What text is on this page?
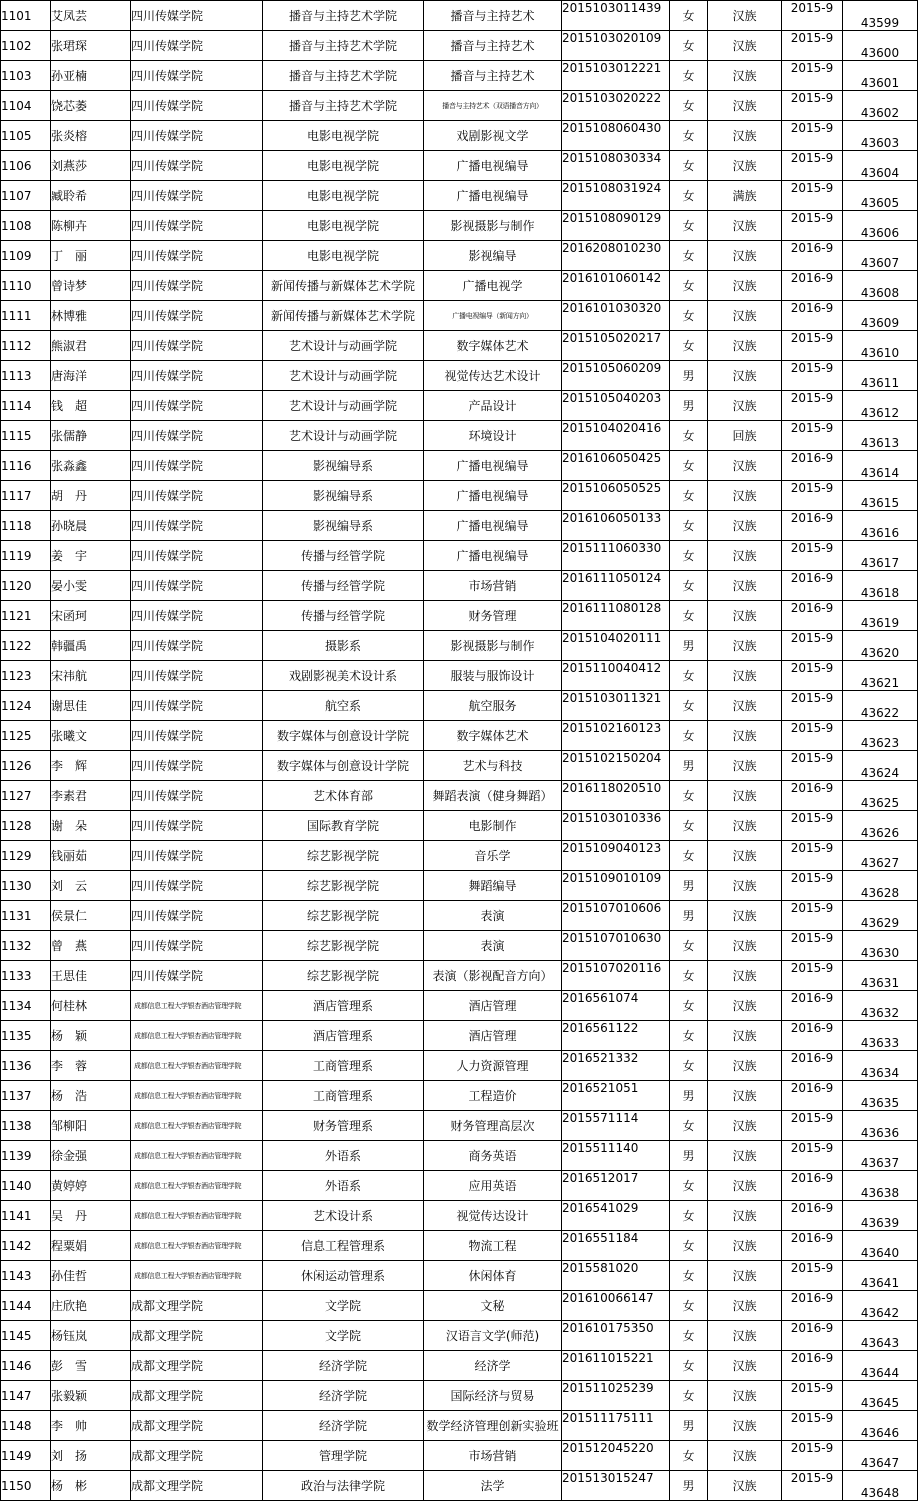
1101	艾凤芸	四川传媒学院	播音与主持艺术学院	播音与主持艺术	2015103011439	女	汉族	2015-9	43599
1102	张珺琛	四川传媒学院	播音与主持艺术学院	播音与主持艺术	2015103020109	女	汉族	2015-9	43600
1103	孙亚楠	四川传媒学院	播音与主持艺术学院	播音与主持艺术	2015103012221	女	汉族	2015-9	43601
1104	饶芯萎	四川传媒学院	播音与主持艺术学院	播音与主持艺术（双语播音方向）	2015103020222	女	汉族	2015-9	43602
1105	张炎榕	四川传媒学院	电影电视学院	戏剧影视文学	2015108060430	女	汉族	2015-9	43603
1106	刘燕莎	四川传媒学院	电影电视学院	广播电视编导	2015108030334	女	汉族	2015-9	43604
1107	臧聆希	四川传媒学院	电影电视学院	广播电视编导	2015108031924	女	满族	2015-9	43605
1108	陈柳卉	四川传媒学院	电影电视学院	影视摄影与制作	2015108090129	女	汉族	2015-9	43606
1109	丁　丽	四川传媒学院	电影电视学院	影视编导	2016208010230	女	汉族	2016-9	43607
1110	曾诗梦	四川传媒学院	新闻传播与新媒体艺术学院	广播电视学	2016101060142	女	汉族	2016-9	43608
1111	林博雅	四川传媒学院	新闻传播与新媒体艺术学院	广播电视编导（新闻方向）	2016101030320	女	汉族	2016-9	43609
1112	熊淑君	四川传媒学院	艺术设计与动画学院	数字媒体艺术	2015105020217	女	汉族	2015-9	43610
1113	唐海洋	四川传媒学院	艺术设计与动画学院	视觉传达艺术设计	2015105060209	男	汉族	2015-9	43611
1114	钱　超	四川传媒学院	艺术设计与动画学院	产品设计	2015105040203	男	汉族	2015-9	43612
1115	张儒静	四川传媒学院	艺术设计与动画学院	环境设计	2015104020416	女	回族	2015-9	43613
1116	张淼鑫	四川传媒学院	影视编导系	广播电视编导	2016106050425	女	汉族	2016-9	43614
1117	胡　丹	四川传媒学院	影视编导系	广播电视编导	2015106050525	女	汉族	2015-9	43615
1118	孙晓晨	四川传媒学院	影视编导系	广播电视编导	2016106050133	女	汉族	2016-9	43616
1119	姜　宇	四川传媒学院	传播与经管学院	广播电视编导	2015111060330	女	汉族	2015-9	43617
1120	晏小雯	四川传媒学院	传播与经管学院	市场营销	2016111050124	女	汉族	2016-9	43618
1121	宋函珂	四川传媒学院	传播与经管学院	财务管理	2016111080128	女	汉族	2016-9	43619
1122	韩疆禹	四川传媒学院	摄影系	影视摄影与制作	2015104020111	男	汉族	2015-9	43620
1123	宋祎航	四川传媒学院	戏剧影视美术设计系	服装与服饰设计	2015110040412	女	汉族	2015-9	43621
1124	谢思佳	四川传媒学院	航空系	航空服务	2015103011321	女	汉族	2015-9	43622
1125	张曦文	四川传媒学院	数字媒体与创意设计学院	数字媒体艺术	2015102160123	女	汉族	2015-9	43623
1126	李　辉	四川传媒学院	数字媒体与创意设计学院	艺术与科技	2015102150204	男	汉族	2015-9	43624
1127	李素君	四川传媒学院	艺术体育部	舞蹈表演（健身舞蹈）	2016118020510	女	汉族	2016-9	43625
1128	谢　朵	四川传媒学院	国际教育学院	电影制作	2015103010336	女	汉族	2015-9	43626
1129	钱丽茹	四川传媒学院	综艺影视学院	音乐学	2015109040123	女	汉族	2015-9	43627
1130	刘　云	四川传媒学院	综艺影视学院	舞蹈编导	2015109010109	男	汉族	2015-9	43628
1131	侯景仁	四川传媒学院	综艺影视学院	表演	2015107010606	男	汉族	2015-9	43629
1132	曾　燕	四川传媒学院	综艺影视学院	表演	2015107010630	女	汉族	2015-9	43630
1133	王思佳	四川传媒学院	综艺影视学院	表演（影视配音方向）	2015107020116	女	汉族	2015-9	43631
1134	何桂林	成都信息工程大学银杏酒店管理学院	酒店管理系	酒店管理	2016561074	女	汉族	2016-9	43632
1135	杨　颖	成都信息工程大学银杏酒店管理学院	酒店管理系	酒店管理	2016561122	女	汉族	2016-9	43633
1136	李　蓉	成都信息工程大学银杏酒店管理学院	工商管理系	人力资源管理	2016521332	女	汉族	2016-9	43634
1137	杨　浩	成都信息工程大学银杏酒店管理学院	工商管理系	工程造价	2016521051	男	汉族	2016-9	43635
1138	邹柳阳	成都信息工程大学银杏酒店管理学院	财务管理系	财务管理高层次	2015571114	女	汉族	2015-9	43636
1139	徐金强	成都信息工程大学银杏酒店管理学院	外语系	商务英语	2015511140	男	汉族	2015-9	43637
1140	黄婷婷	成都信息工程大学银杏酒店管理学院	外语系	应用英语	2016512017	女	汉族	2016-9	43638
1141	吴　丹	成都信息工程大学银杏酒店管理学院	艺术设计系	视觉传达设计	2016541029	女	汉族	2016-9	43639
1142	程粟娟	成都信息工程大学银杏酒店管理学院	信息工程管理系	物流工程	2016551184	女	汉族	2016-9	43640
1143	孙佳哲	成都信息工程大学银杏酒店管理学院	休闲运动管理系	休闲体育	2015581020	女	汉族	2015-9	43641
1144	庄欣艳	成都文理学院	文学院	文秘	201610066147	女	汉族	2016-9	43642
1145	杨钰岚	成都文理学院	文学院	汉语言文学(师范)	201610175350	女	汉族	2016-9	43643
1146	彭　雪	成都文理学院	经济学院	经济学	201611015221	女	汉族	2016-9	43644
1147	张毅颖	成都文理学院	经济学院	国际经济与贸易	201511025239	女	汉族	2015-9	43645
1148	李　帅	成都文理学院	经济学院	数学经济管理创新实验班	201511175111	男	汉族	2015-9	43646
1149	刘　扬	成都文理学院	管理学院	市场营销	201512045220	女	汉族	2015-9	43647
1150	杨　彬	成都文理学院	政治与法律学院	法学	201513015247	男	汉族	2015-9	43648
